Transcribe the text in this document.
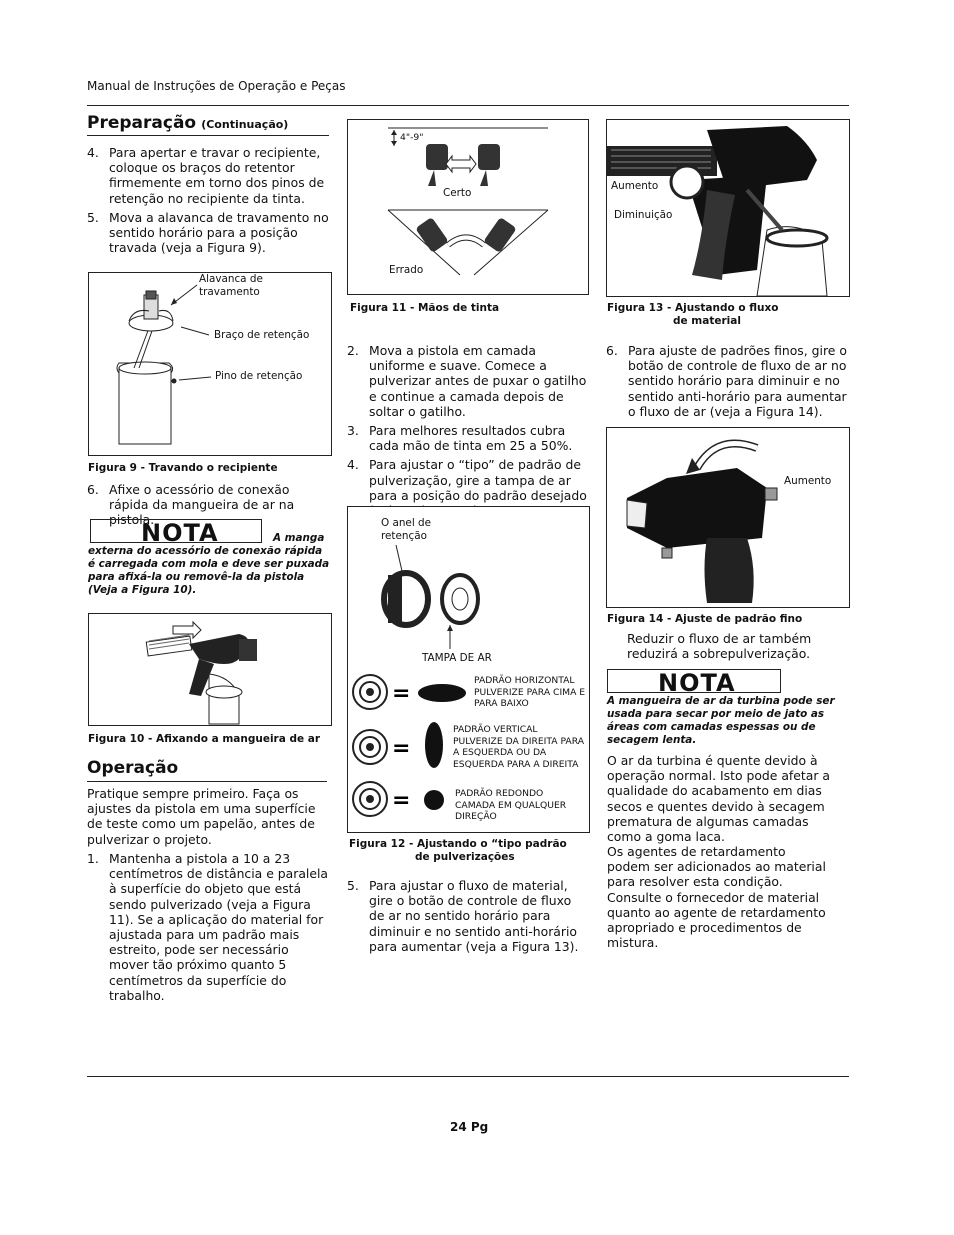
Manual de Instruções de Operação e Peças
Preparação (Continuação)
4. Para apertar e travar o recipiente, coloque os braços do retentor firmemente em torno dos pinos de retenção no recipiente da tinta.
5. Mova a alavanca de travamento no sentido horário para a posição travada (veja a Figura 9).
Alavanca de travamento
Braço de retenção
Pino de retenção
Figura 9 - Travando o recipiente
6. Afixe o acessório de conexão rápida da mangueira de ar na pistola.
NOTA	A manga
externa do acessório de conexão rápida é carregada com mola e deve ser puxada para afixá-la ou removê-la da pistola (Veja a Figura 10).
Figura 10 - Afixando a mangueira de ar
Operação
Pratique sempre primeiro. Faça os ajustes da pistola em uma superfície de teste como um papelão, antes de pulverizar o projeto.
1. Mantenha a pistola a 10 a 23 centímetros de distância e paralela à superfície do objeto que está sendo pulverizado (veja a Figura 11). Se a aplicação do material for ajustada para um padrão mais estreito, pode ser necessário mover tão próximo quanto 5 centímetros da superfície do trabalho.
4"-9"
Certo
Errado
Figura 11 - Mãos de tinta
2. Mova a pistola em camada uniforme e suave. Comece a pulverizar antes de puxar o gatilho e continue a camada depois de soltar o gatilho.
3. Para melhores resultados cubra cada mão de tinta em 25 a 50%.
4. Para ajustar o “tipo” de padrão de pulverização, gire a tampa de ar para a posição do padrão desejado
=
=
=
O anel de retenção
TAMPA DE AR
PADRÃO HORIZONTAL PULVERIZE PARA CIMA E PARA BAIXO
PADRÃO VERTICAL PULVERIZE DA DIREITA PARA A ESQUERDA OU DA ESQUERDA PARA A DIREITA
PADRÃO REDONDO CAMADA EM QUALQUER DIREÇÃO
Figura 12 - Ajustando o “tipo padrão
de pulverizações
5. Para ajustar o fluxo de material, gire o botão de controle de fluxo de ar no sentido horário para diminuir e no sentido anti-horário para aumentar (veja a Figura 13).
Aumento
Diminuição
Figura 13 - Ajustando o fluxo
de material
6. Para ajuste de padrões finos, gire o botão de controle de fluxo de ar no sentido horário para diminuir e no sentido anti-horário para aumentar o fluxo de ar (veja a Figura 14).
Aumento
Figura 14 - Ajuste de padrão fino
Reduzir o fluxo de ar também reduzirá a sobrepulverização.
NOTA
A mangueira de ar da turbina pode ser usada para secar por meio de jato as áreas com camadas espessas ou de secagem lenta.
O ar da turbina é quente devido à operação normal. Isto pode afetar a qualidade do acabamento em dias secos e quentes devido à secagem prematura de algumas camadas como a goma laca.
Os agentes de retardamento podem ser adicionados ao material para resolver esta condição. Consulte o fornecedor de material quanto ao agente de retardamento apropriado e procedimentos de mistura.
24 Pg
